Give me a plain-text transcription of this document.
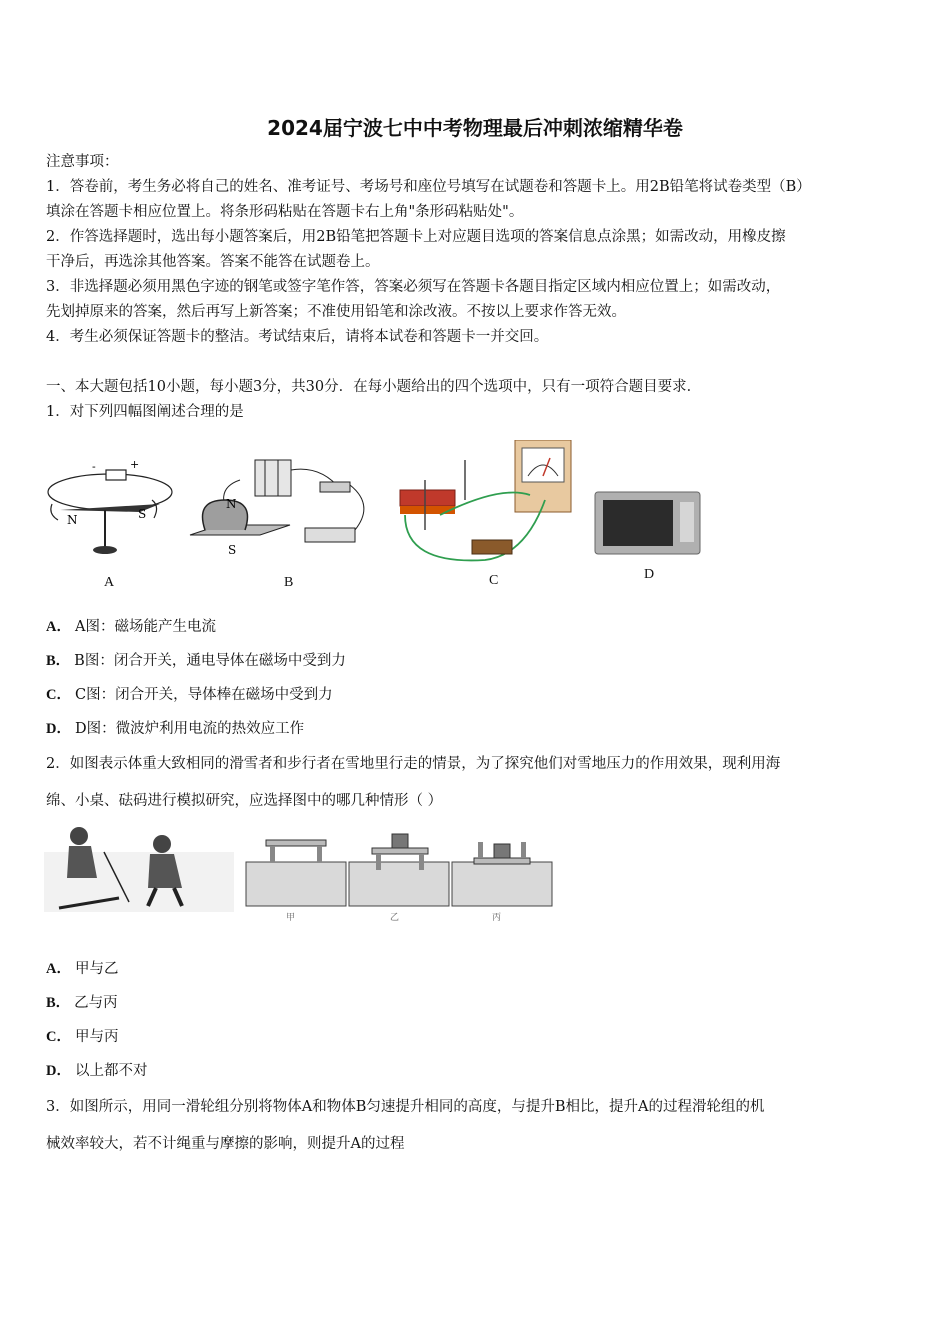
2024届宁波七中中考物理最后冲刺浓缩精华卷
注意事项：
1．答卷前，考生务必将自己的姓名、准考证号、考场号和座位号填写在试题卷和答题卡上。用2B铅笔将试卷类型（B）
填涂在答题卡相应位置上。将条形码粘贴在答题卡右上角"条形码粘贴处"。
2．作答选择题时，选出每小题答案后，用2B铅笔把答题卡上对应题目选项的答案信息点涂黑；如需改动，用橡皮擦
干净后，再选涂其他答案。答案不能答在试题卷上。
3．非选择题必须用黑色字迹的钢笔或签字笔作答，答案必须写在答题卡各题目指定区域内相应位置上；如需改动，
先划掉原来的答案，然后再写上新答案；不准使用铅笔和涂改液。不按以上要求作答无效。
4．考生必须保证答题卡的整洁。考试结束后，请将本试卷和答题卡一并交回。
一、本大题包括10小题，每小题3分，共30分．在每小题给出的四个选项中，只有一项符合题目要求．
1．对下列四幅图阐述合理的是
-	+
N	S
N
S
A	B	C	D
A． A图：磁场能产生电流
B． B图：闭合开关，通电导体在磁场中受到力
C． C图：闭合开关，导体棒在磁场中受到力
D． D图：微波炉利用电流的热效应工作
2．如图表示体重大致相同的滑雪者和步行者在雪地里行走的情景，为了探究他们对雪地压力的作用效果，现利用海
绵、小桌、砝码进行模拟研究，应选择图中的哪几种情形（ ）
甲	乙	丙
A． 甲与乙
B． 乙与丙
C． 甲与丙
D． 以上都不对
3．如图所示，用同一滑轮组分别将物体A和物体B匀速提升相同的高度，与提升B相比，提升A的过程滑轮组的机
械效率较大，若不计绳重与摩擦的影响，则提升A的过程
